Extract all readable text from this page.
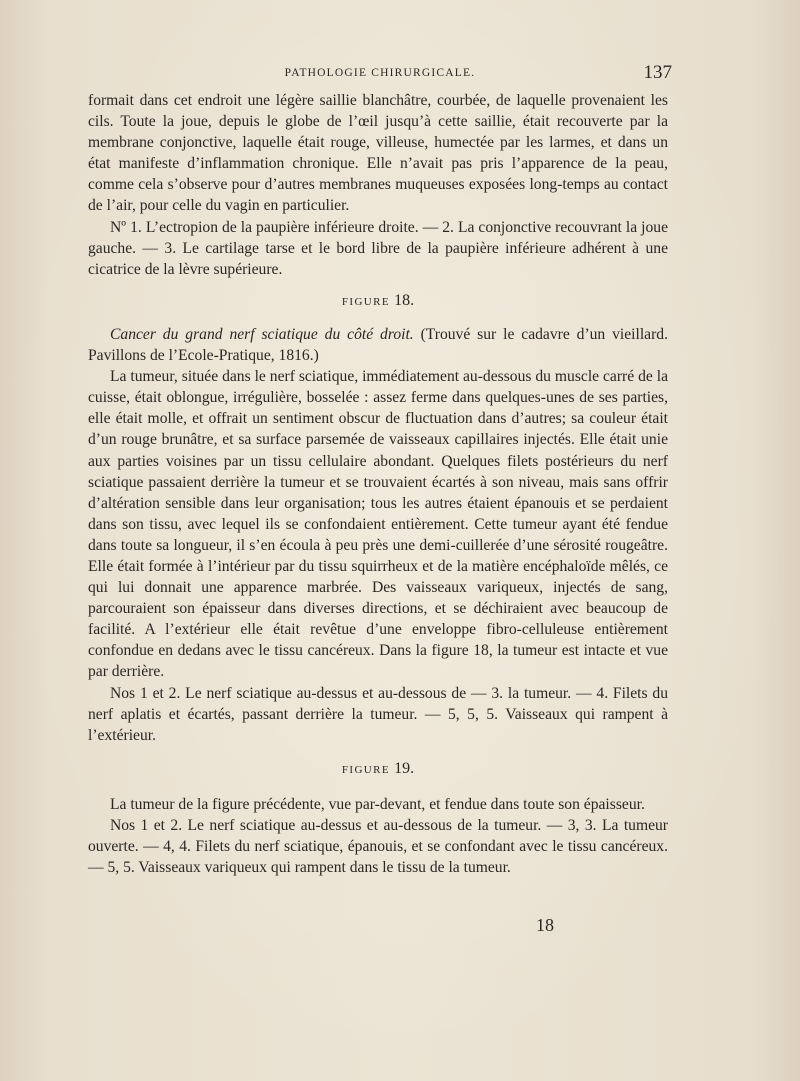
PATHOLOGIE CHIRURGICALE.	137

formait dans cet endroit une légère saillie blanchâtre, courbée, de laquelle provenaient les cils. Toute la joue, depuis le globe de l’œil jusqu’à cette saillie, était recouverte par la membrane conjonctive, laquelle était rouge, villeuse, humectée par les larmes, et dans un état manifeste d’inflammation chronique. Elle n’avait pas pris l’apparence de la peau, comme cela s’observe pour d’autres membranes muqueuses exposées long-temps au contact de l’air, pour celle du vagin en particulier.

Nº 1. L’ectropion de la paupière inférieure droite. — 2. La conjonctive recouvrant la joue gauche. — 3. Le cartilage tarse et le bord libre de la paupière inférieure adhérent à une cicatrice de la lèvre supérieure.

FIGURE 18.

Cancer du grand nerf sciatique du côté droit. (Trouvé sur le cadavre d’un vieillard. Pavillons de l’Ecole-Pratique, 1816.)

La tumeur, située dans le nerf sciatique, immédiatement au-dessous du muscle carré de la cuisse, était oblongue, irrégulière, bosselée : assez ferme dans quelques-unes de ses parties, elle était molle, et offrait un sentiment obscur de fluctuation dans d’autres; sa couleur était d’un rouge brunâtre, et sa surface parsemée de vaisseaux capillaires injectés. Elle était unie aux parties voisines par un tissu cellulaire abondant. Quelques filets postérieurs du nerf sciatique passaient derrière la tumeur et se trouvaient écartés à son niveau, mais sans offrir d’altération sensible dans leur organisation; tous les autres étaient épanouis et se perdaient dans son tissu, avec lequel ils se confondaient entièrement. Cette tumeur ayant été fendue dans toute sa longueur, il s’en écoula à peu près une demi-cuillerée d’une sérosité rougeâtre. Elle était formée à l’intérieur par du tissu squirrheux et de la matière encéphaloïde mêlés, ce qui lui donnait une apparence marbrée. Des vaisseaux variqueux, injectés de sang, parcouraient son épaisseur dans diverses directions, et se déchiraient avec beaucoup de facilité. A l’extérieur elle était revêtue d’une enveloppe fibro-celluleuse entièrement confondue en dedans avec le tissu cancéreux. Dans la figure 18, la tumeur est intacte et vue par derrière.

Nos 1 et 2. Le nerf sciatique au-dessus et au-dessous de — 3. la tumeur. — 4. Filets du nerf aplatis et écartés, passant derrière la tumeur. — 5, 5, 5. Vaisseaux qui rampent à l’extérieur.

FIGURE 19.

La tumeur de la figure précédente, vue par-devant, et fendue dans toute son épaisseur.

Nos 1 et 2. Le nerf sciatique au-dessus et au-dessous de la tumeur. — 3, 3. La tumeur ouverte. — 4, 4. Filets du nerf sciatique, épanouis, et se confondant avec le tissu cancéreux. — 5, 5. Vaisseaux variqueux qui rampent dans le tissu de la tumeur.

18
